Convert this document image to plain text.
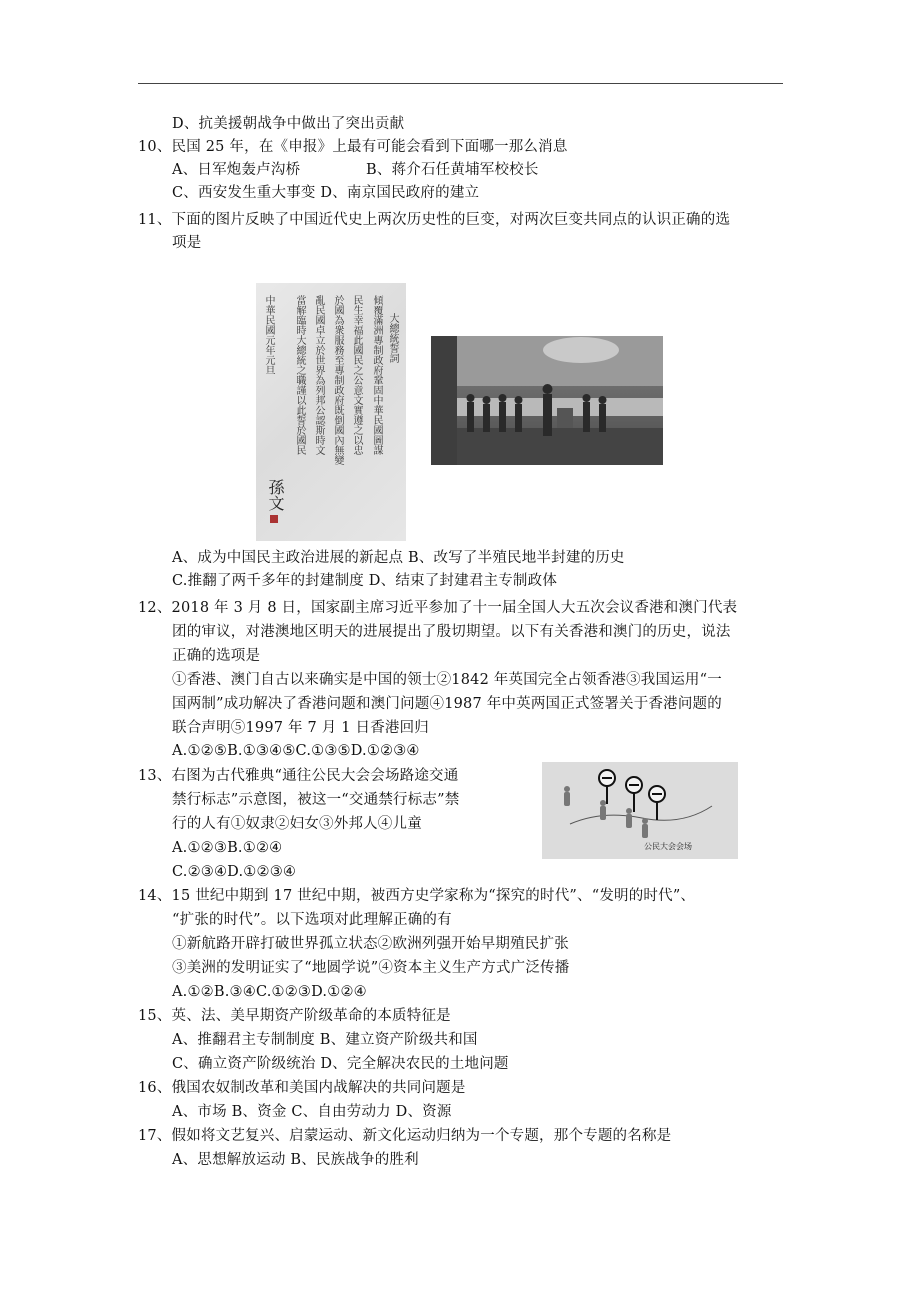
D、抗美援朝战争中做出了突出贡献
10、民国 25 年，在《申报》上最有可能会看到下面哪一那么消息
A、日军炮轰卢沟桥	B、蒋介石任黄埔军校校长
C、西安发生重大事变 D、南京国民政府的建立
11、下面的图片反映了中国近代史上两次历史性的巨变，对两次巨变共同点的认识正确的选
项是
大總統誓詞
傾覆滿洲專制政府鞏固中華民國圖謀
民生幸福此國民之公意文實遵之以忠
於國為衆服務至專制政府既倒國內無變
亂民國卓立於世界為列邦公認斯時文
當解臨時大總統之職謹以此誓於國民
中華民國元年元旦
孫文
A、成为中国民主政治进展的新起点 B、改写了半殖民地半封建的历史
C.推翻了两千多年的封建制度 D、结束了封建君主专制政体
12、2018 年 3 月 8 日，国家副主席习近平参加了十一届全国人大五次会议香港和澳门代表
团的审议，对港澳地区明天的进展提出了殷切期望。以下有关香港和澳门的历史，说法
正确的选项是
①香港、澳门自古以来确实是中国的领士②1842 年英国完全占领香港③我国运用“一
国两制”成功解决了香港问题和澳门问题④1987 年中英两国正式签署关于香港问题的
联合声明⑤1997 年 7 月 1 日香港回归
A.①②⑤B.①③④⑤C.①③⑤D.①②③④
13、右图为古代雅典“通往公民大会会场路途交通
禁行标志”示意图，被这一“交通禁行标志”禁
行的人有①奴隶②妇女③外邦人④儿童
A.①②③B.①②④
C.②③④D.①②③④
公民大会会场
14、15 世纪中期到 17 世纪中期，被西方史学家称为“探究的时代”、“发明的时代”、
“扩张的时代”。以下选项对此理解正确的有
①新航路开辟打破世界孤立状态②欧洲列强开始早期殖民扩张
③美洲的发明证实了“地圆学说”④资本主义生产方式广泛传播
A.①②B.③④C.①②③D.①②④
15、英、法、美早期资产阶级革命的本质特征是
A、推翻君主专制制度 B、建立资产阶级共和国
C、确立资产阶级统治 D、完全解决农民的土地问题
16、俄国农奴制改革和美国内战解决的共同问题是
A、市场 B、资金 C、自由劳动力 D、资源
17、假如将文艺复兴、启蒙运动、新文化运动归纳为一个专题，那个专题的名称是
A、思想解放运动 B、民族战争的胜利
